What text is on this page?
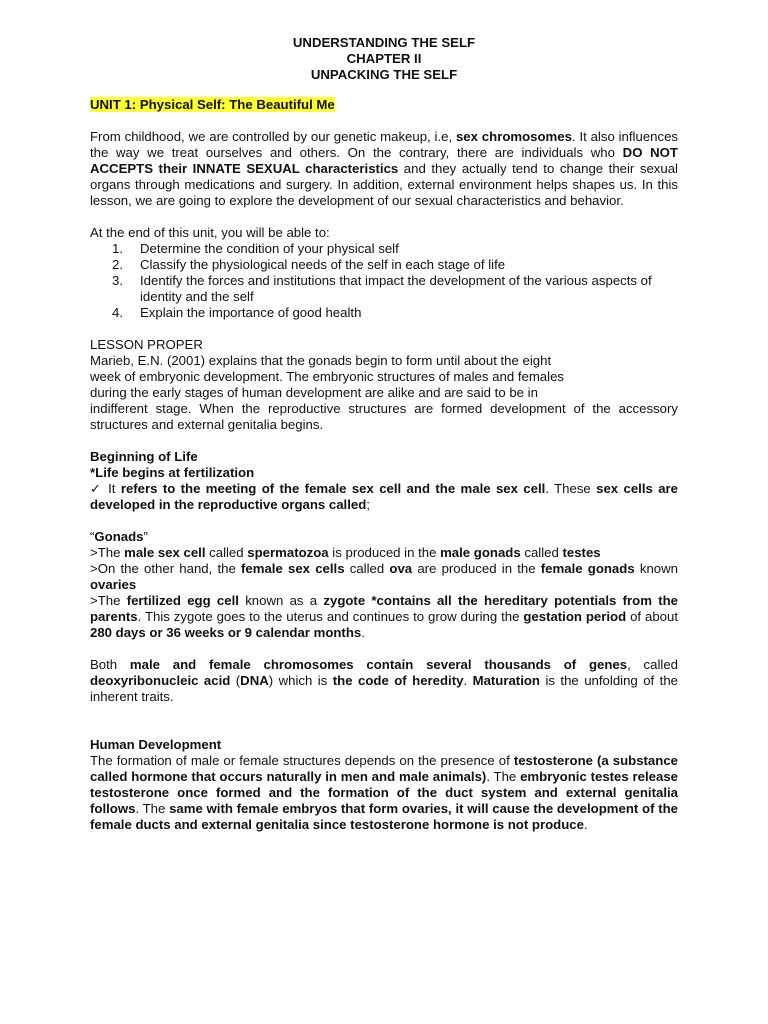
UNDERSTANDING THE SELF

CHAPTER II

UNPACKING THE SELF

UNIT 1: Physical Self: The Beautiful Me

From childhood, we are controlled by our genetic makeup, i.e, sex chromosomes. It also influences the way we treat ourselves and others. On the contrary, there are individuals who DO NOT ACCEPTS their INNATE SEXUAL characteristics and they actually tend to change their sexual organs through medications and surgery. In addition, external environment helps shapes us. In this lesson, we are going to explore the development of our sexual characteristics and behavior.

At the end of this unit, you will be able to:

1. Determine the condition of your physical self
2. Classify the physiological needs of the self in each stage of life
3. Identify the forces and institutions that impact the development of the various aspects of identity and the self
4. Explain the importance of good health

LESSON PROPER

Marieb, E.N. (2001) explains that the gonads begin to form until about the eight

week of embryonic development. The embryonic structures of males and females

during the early stages of human development are alike and are said to be in

indifferent stage. When the reproductive structures are formed development of the accessory structures and external genitalia begins.

Beginning of Life

*Life begins at fertilization

✓ It refers to the meeting of the female sex cell and the male sex cell. These sex cells are developed in the reproductive organs called;

“Gonads”

>The male sex cell called spermatozoa is produced in the male gonads called testes

>On the other hand, the female sex cells called ova are produced in the female gonads known ovaries

>The fertilized egg cell known as a zygote *contains all the hereditary potentials from the parents. This zygote goes to the uterus and continues to grow during the gestation period of about 280 days or 36 weeks or 9 calendar months.

Both male and female chromosomes contain several thousands of genes, called deoxyribonucleic acid (DNA) which is the code of heredity. Maturation is the unfolding of the inherent traits.

Human Development

The formation of male or female structures depends on the presence of testosterone (a substance called hormone that occurs naturally in men and male animals). The embryonic testes release testosterone once formed and the formation of the duct system and external genitalia follows. The same with female embryos that form ovaries, it will cause the development of the female ducts and external genitalia since testosterone hormone is not produce.
